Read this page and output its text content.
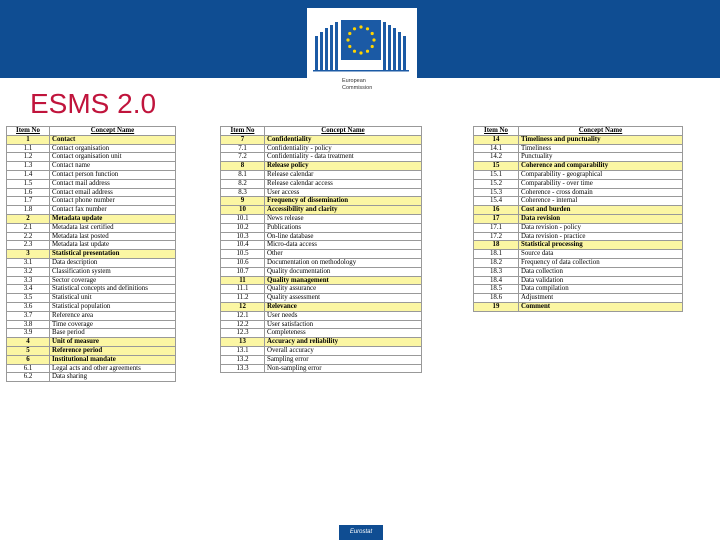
European
Commission
ESMS 2.0
Item No	Concept Name
1	Contact
1.1	Contact organisation
1.2	Contact organisation unit
1.3	Contact name
1.4	Contact person function
1.5	Contact mail address
1.6	Contact email address
1.7	Contact phone number
1.8	Contact fax number
2	Metadata update
2.1	Metadata last certified
2.2	Metadata last posted
2.3	Metadata last update
3	Statistical presentation
3.1	Data description
3.2	Classification system
3.3	Sector coverage
3.4	Statistical concepts and definitions
3.5	Statistical unit
3.6	Statistical population
3.7	Reference area
3.8	Time coverage
3.9	Base period
4	Unit of measure
5	Reference period
6	Institutional mandate
6.1	Legal acts and other agreements
6.2	Data sharing
Item No	Concept Name
7	Confidentiality
7.1	Confidentiality - policy
7.2	Confidentiality - data treatment
8	Release policy
8.1	Release calendar
8.2	Release calendar access
8.3	User access
9	Frequency of dissemination
10	Accessibility and clarity
10.1	News release
10.2	Publications
10.3	On-line database
10.4	Micro-data access
10.5	Other
10.6	Documentation on methodology
10.7	Quality documentation
11	Quality management
11.1	Quality assurance
11.2	Quality assessment
12	Relevance
12.1	User needs
12.2	User satisfaction
12.3	Completeness
13	Accuracy and reliability
13.1	Overall accuracy
13.2	Sampling error
13.3	Non-sampling error
Item No	Concept Name
14	Timeliness and punctuality
14.1	Timeliness
14.2	Punctuality
15	Coherence and comparability
15.1	Comparability - geographical
15.2	Comparability - over time
15.3	Coherence - cross domain
15.4	Coherence - internal
16	Cost and burden
17	Data revision
17.1	Data revision - policy
17.2	Data revision - practice
18	Statistical processing
18.1	Source data
18.2	Frequency of data collection
18.3	Data collection
18.4	Data validation
18.5	Data compilation
18.6	Adjustment
19	Comment
Eurostat
